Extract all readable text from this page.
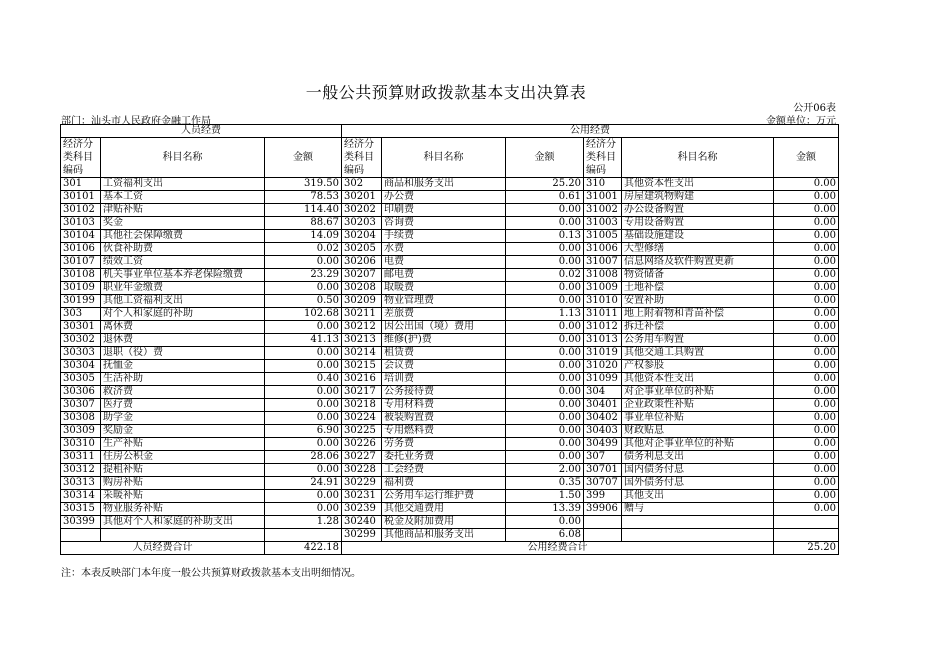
一般公共预算财政拨款基本支出决算表
公开06表
部门：汕头市人民政府金融工作局	金额单位：万元
人员经费			公用经费					
经济分类科目编码	科目名称	金额	经济分类科目编码	科目名称	金额	经济分类科目编码	科目名称	金额
301	工资福利支出	319.50	302	商品和服务支出	25.20	310	其他资本性支出	0.00
30101	基本工资	78.53	30201	办公费	0.61	31001	房屋建筑物购建	0.00
30102	津贴补贴	114.40	30202	印刷费	0.00	31002	办公设备购置	0.00
30103	奖金	88.67	30203	咨询费	0.00	31003	专用设备购置	0.00
30104	其他社会保障缴费	14.09	30204	手续费	0.13	31005	基础设施建设	0.00
30106	伙食补助费	0.02	30205	水费	0.00	31006	大型修缮	0.00
30107	绩效工资	0.00	30206	电费	0.00	31007	信息网络及软件购置更新	0.00
30108	机关事业单位基本养老保险缴费	23.29	30207	邮电费	0.02	31008	物资储备	0.00
30109	职业年金缴费	0.00	30208	取暖费	0.00	31009	土地补偿	0.00
30199	其他工资福利支出	0.50	30209	物业管理费	0.00	31010	安置补助	0.00
303	对个人和家庭的补助	102.68	30211	差旅费	1.13	31011	地上附着物和青苗补偿	0.00
30301	离休费	0.00	30212	因公出国（境）费用	0.00	31012	拆迁补偿	0.00
30302	退休费	41.13	30213	维修(护)费	0.00	31013	公务用车购置	0.00
30303	退职（役）费	0.00	30214	租赁费	0.00	31019	其他交通工具购置	0.00
30304	抚恤金	0.00	30215	会议费	0.00	31020	产权参股	0.00
30305	生活补助	0.40	30216	培训费	0.00	31099	其他资本性支出	0.00
30306	救济费	0.00	30217	公务接待费	0.00	304	对企事业单位的补贴	0.00
30307	医疗费	0.00	30218	专用材料费	0.00	30401	企业政策性补贴	0.00
30308	助学金	0.00	30224	被装购置费	0.00	30402	事业单位补贴	0.00
30309	奖励金	6.90	30225	专用燃料费	0.00	30403	财政贴息	0.00
30310	生产补贴	0.00	30226	劳务费	0.00	30499	其他对企事业单位的补贴	0.00
30311	住房公积金	28.06	30227	委托业务费	0.00	307	债务利息支出	0.00
30312	提租补贴	0.00	30228	工会经费	2.00	30701	国内债务付息	0.00
30313	购房补贴	24.91	30229	福利费	0.35	30707	国外债务付息	0.00
30314	采暖补贴	0.00	30231	公务用车运行维护费	1.50	399	其他支出	0.00
30315	物业服务补贴	0.00	30239	其他交通费用	13.39	39906	赠与	0.00
30399	其他对个人和家庭的补助支出	1.28	30240	税金及附加费用	0.00			
			30299	其他商品和服务支出	6.08			
人员经费合计		422.18	公用经费合计					25.20
注：本表反映部门本年度一般公共预算财政拨款基本支出明细情况。
